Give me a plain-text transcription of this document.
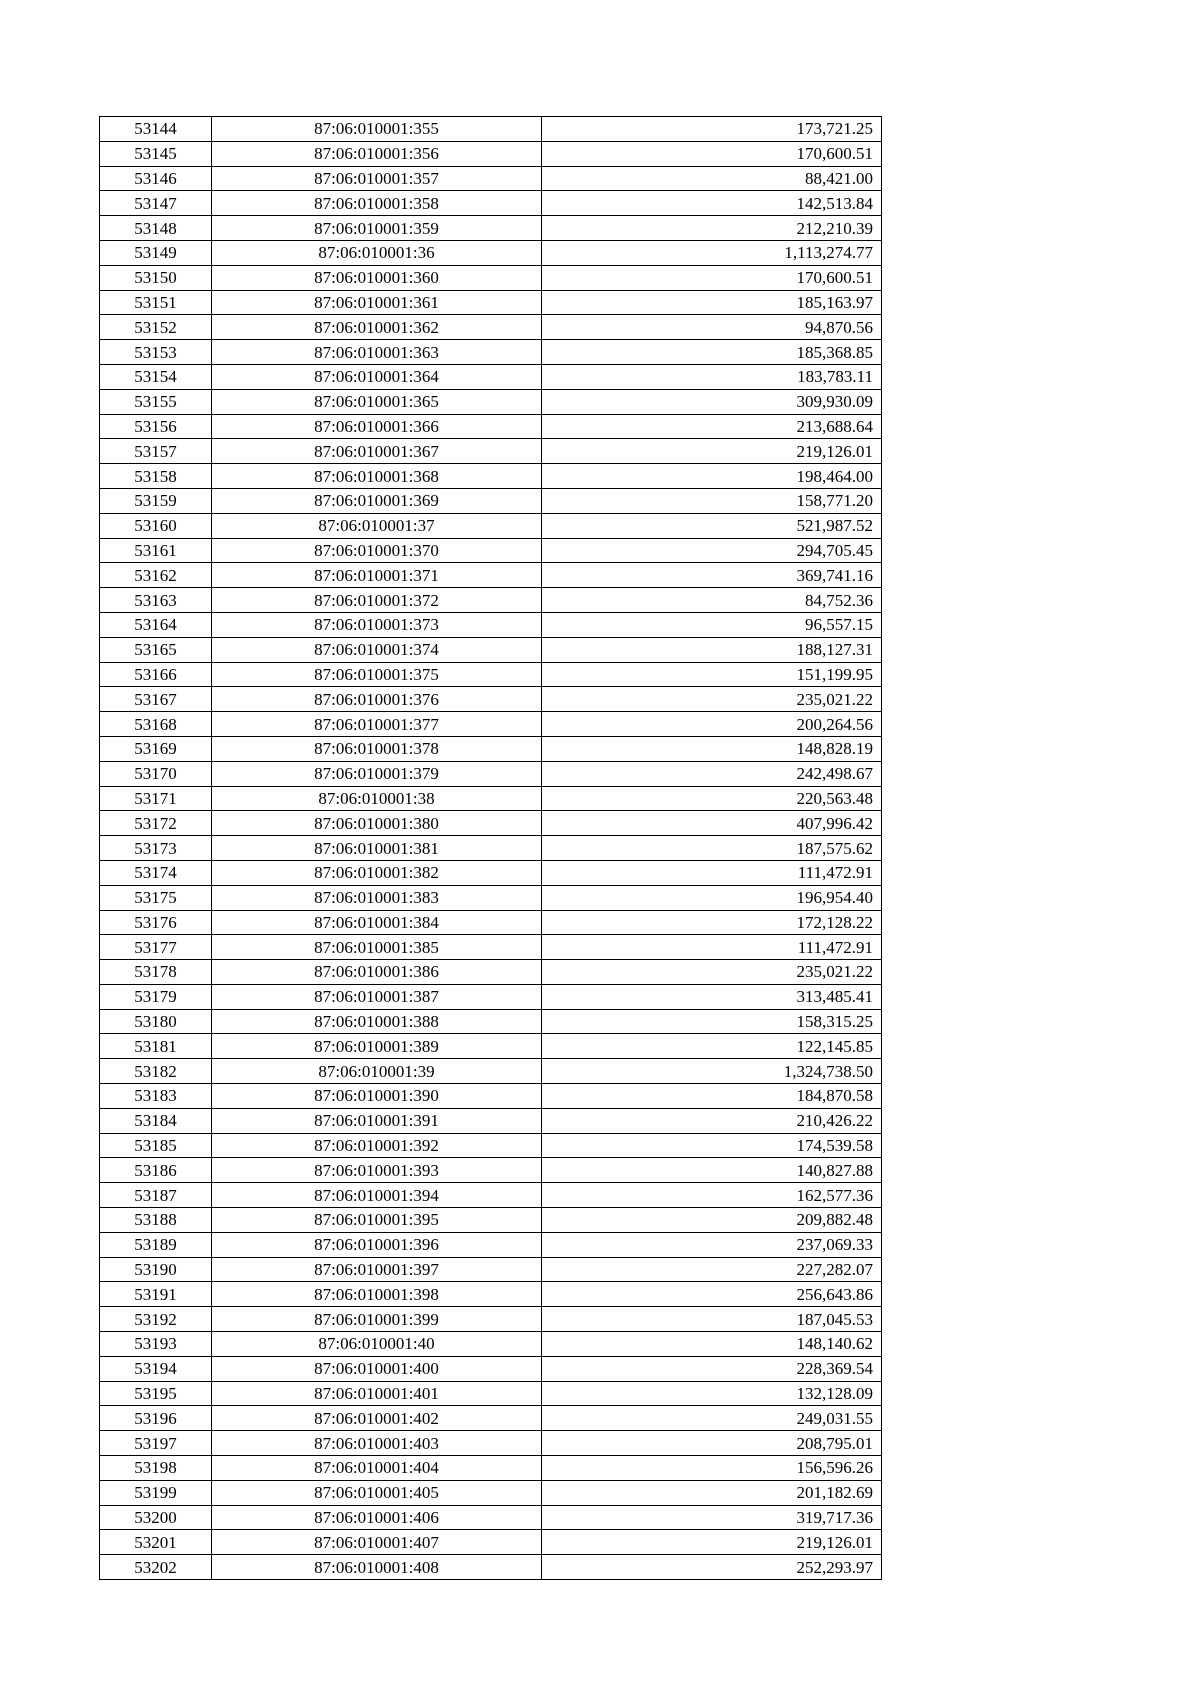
53144	87:06:010001:355	173,721.25
53145	87:06:010001:356	170,600.51
53146	87:06:010001:357	88,421.00
53147	87:06:010001:358	142,513.84
53148	87:06:010001:359	212,210.39
53149	87:06:010001:36	1,113,274.77
53150	87:06:010001:360	170,600.51
53151	87:06:010001:361	185,163.97
53152	87:06:010001:362	94,870.56
53153	87:06:010001:363	185,368.85
53154	87:06:010001:364	183,783.11
53155	87:06:010001:365	309,930.09
53156	87:06:010001:366	213,688.64
53157	87:06:010001:367	219,126.01
53158	87:06:010001:368	198,464.00
53159	87:06:010001:369	158,771.20
53160	87:06:010001:37	521,987.52
53161	87:06:010001:370	294,705.45
53162	87:06:010001:371	369,741.16
53163	87:06:010001:372	84,752.36
53164	87:06:010001:373	96,557.15
53165	87:06:010001:374	188,127.31
53166	87:06:010001:375	151,199.95
53167	87:06:010001:376	235,021.22
53168	87:06:010001:377	200,264.56
53169	87:06:010001:378	148,828.19
53170	87:06:010001:379	242,498.67
53171	87:06:010001:38	220,563.48
53172	87:06:010001:380	407,996.42
53173	87:06:010001:381	187,575.62
53174	87:06:010001:382	111,472.91
53175	87:06:010001:383	196,954.40
53176	87:06:010001:384	172,128.22
53177	87:06:010001:385	111,472.91
53178	87:06:010001:386	235,021.22
53179	87:06:010001:387	313,485.41
53180	87:06:010001:388	158,315.25
53181	87:06:010001:389	122,145.85
53182	87:06:010001:39	1,324,738.50
53183	87:06:010001:390	184,870.58
53184	87:06:010001:391	210,426.22
53185	87:06:010001:392	174,539.58
53186	87:06:010001:393	140,827.88
53187	87:06:010001:394	162,577.36
53188	87:06:010001:395	209,882.48
53189	87:06:010001:396	237,069.33
53190	87:06:010001:397	227,282.07
53191	87:06:010001:398	256,643.86
53192	87:06:010001:399	187,045.53
53193	87:06:010001:40	148,140.62
53194	87:06:010001:400	228,369.54
53195	87:06:010001:401	132,128.09
53196	87:06:010001:402	249,031.55
53197	87:06:010001:403	208,795.01
53198	87:06:010001:404	156,596.26
53199	87:06:010001:405	201,182.69
53200	87:06:010001:406	319,717.36
53201	87:06:010001:407	219,126.01
53202	87:06:010001:408	252,293.97
